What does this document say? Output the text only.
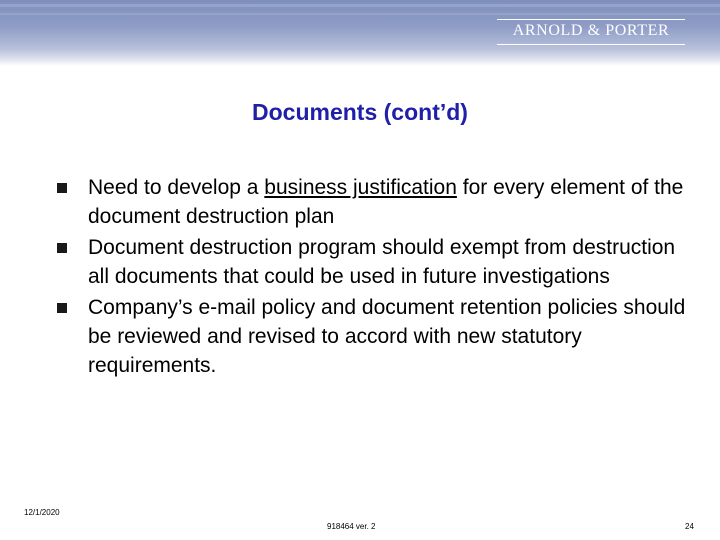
ARNOLD & PORTER
Documents (cont’d)
Need to develop a business justification for every element of the document destruction plan
Document destruction program should exempt from destruction all documents that could be used in future investigations
Company’s e-mail policy and document retention policies should be reviewed and revised to accord with new statutory requirements.
12/1/2020
918464 ver. 2	24
